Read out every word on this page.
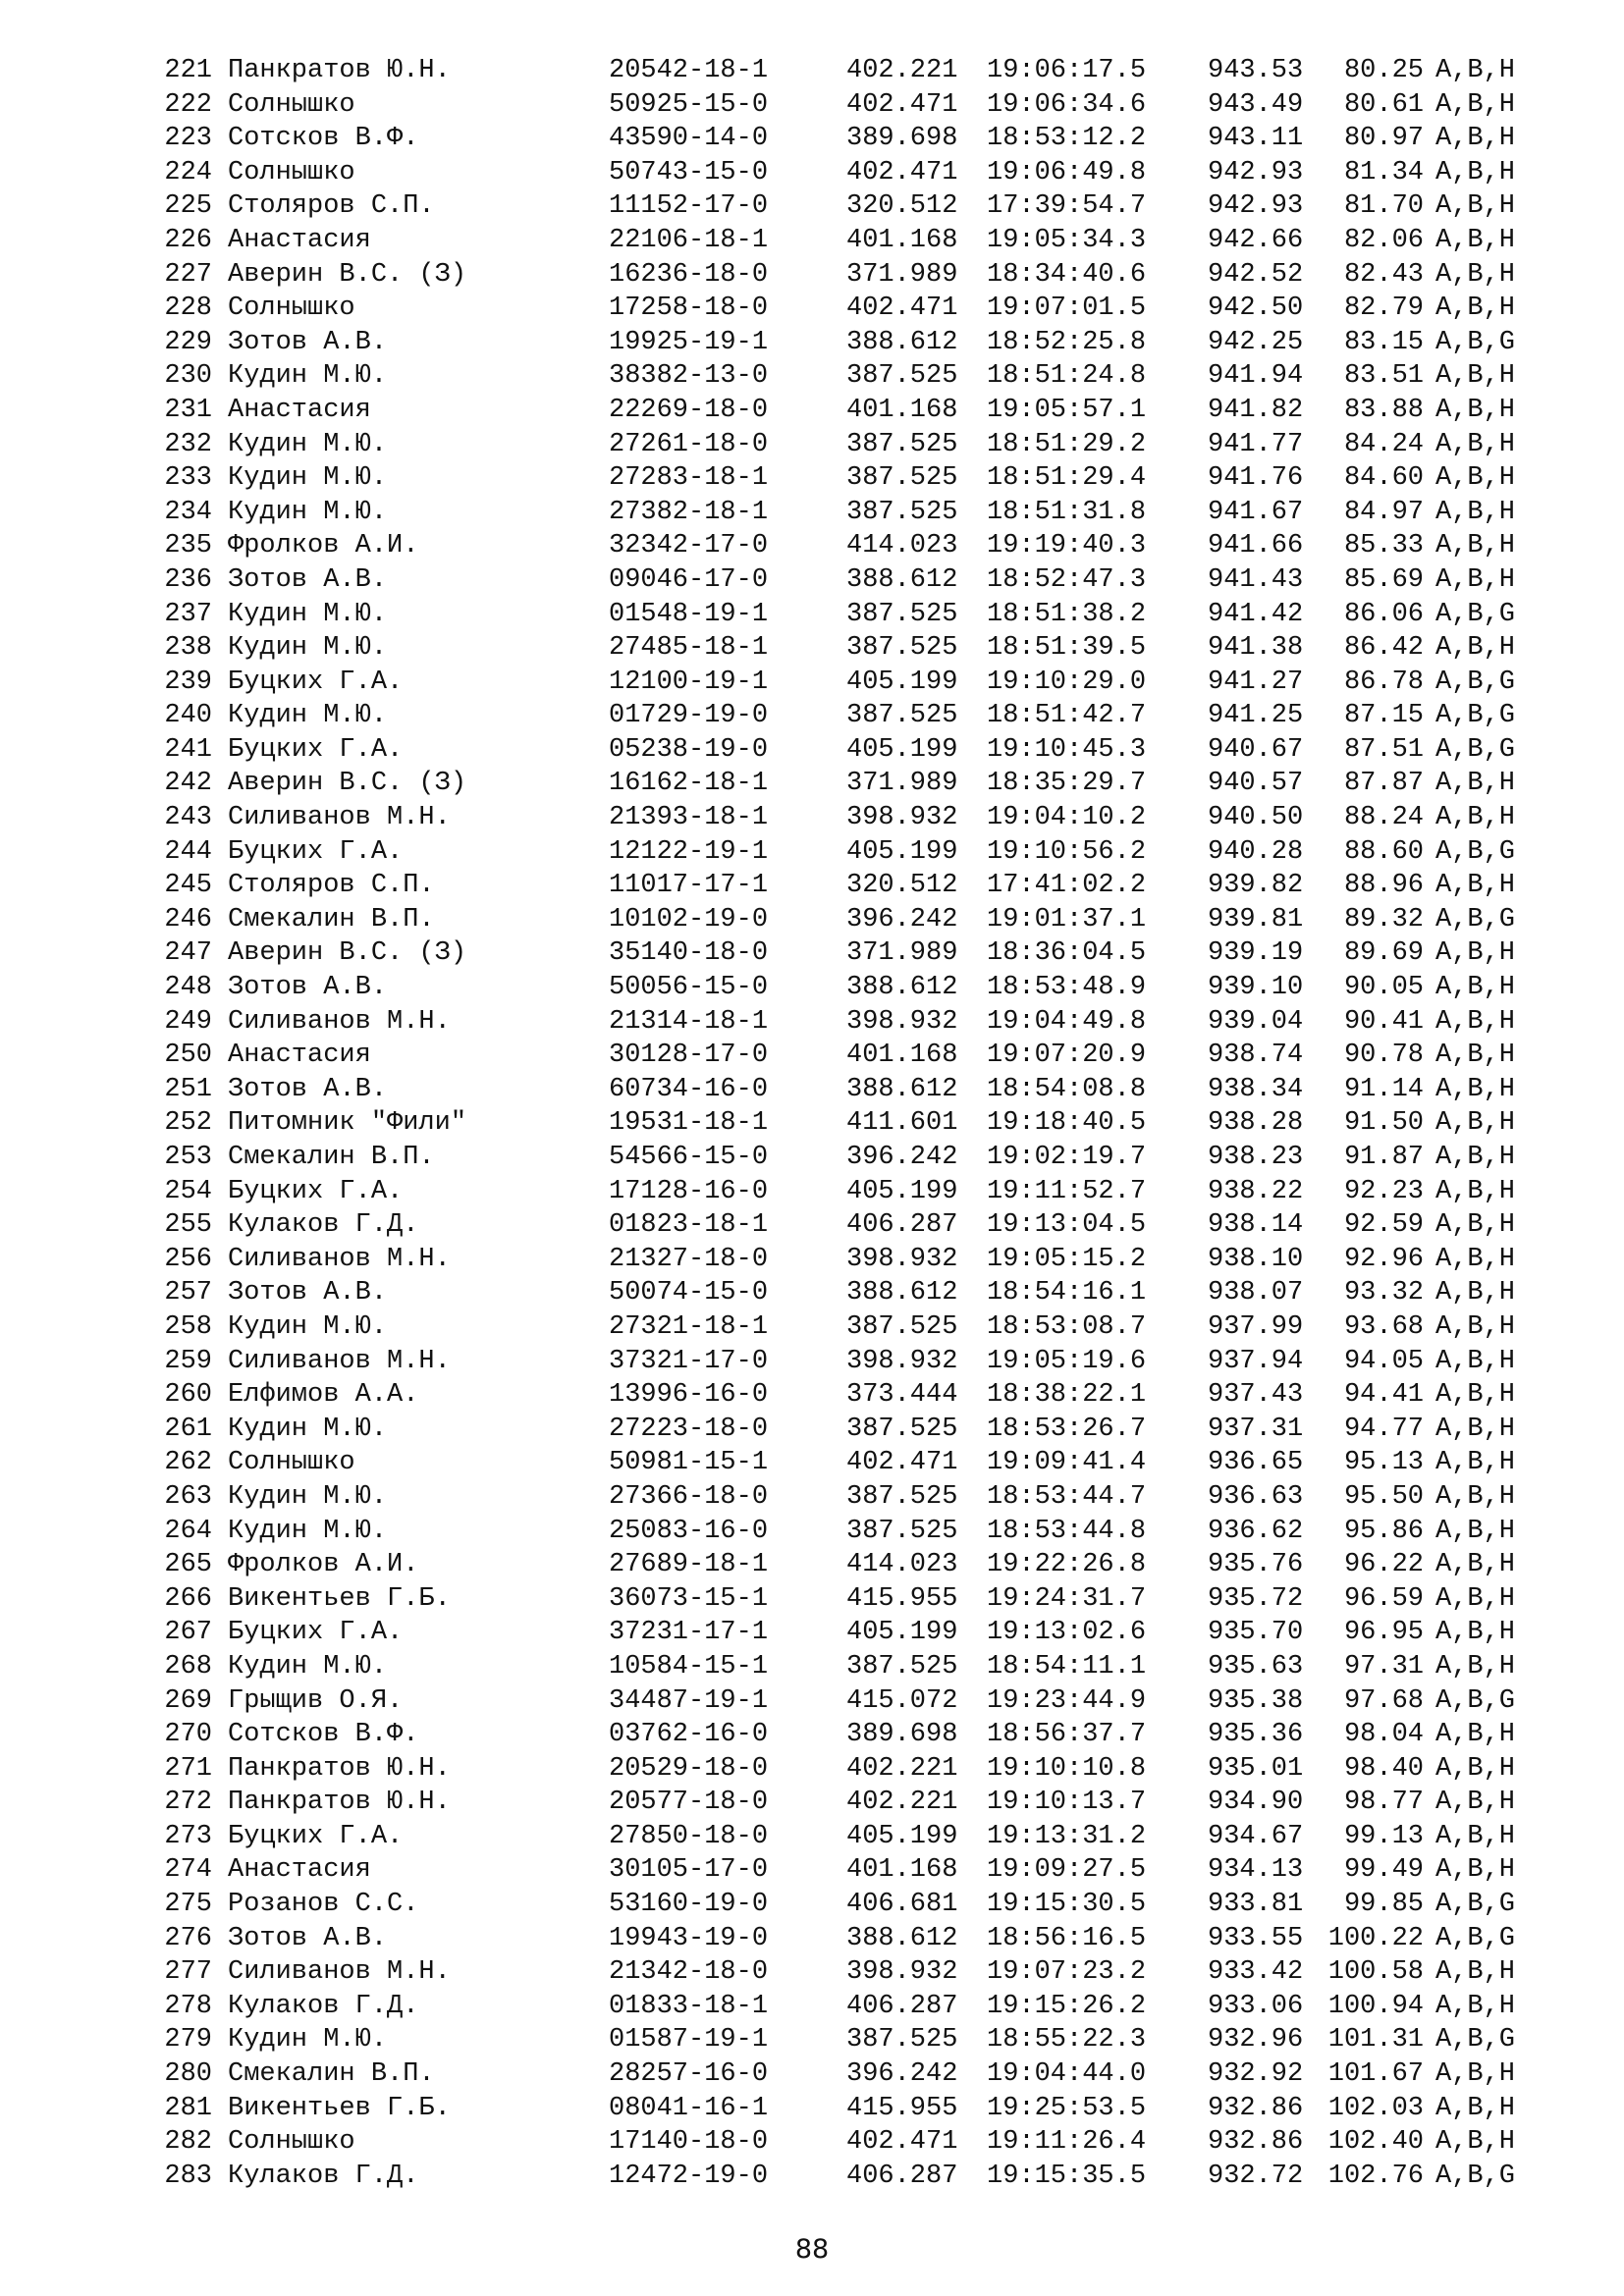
221 Панкратов Ю.Н.	20542-18-1	402.221 19:06:17.5 943.53	80.25 A,B,H
222 Солнышко	50925-15-0	402.471 19:06:34.6 943.49	80.61 A,B,H
223 Сотсков В.Ф.	43590-14-0	389.698 18:53:12.2 943.11	80.97 A,B,H
224 Солнышко	50743-15-0	402.471 19:06:49.8 942.93	81.34 A,B,H
225 Столяров С.П.	11152-17-0	320.512 17:39:54.7 942.93	81.70 A,B,H
226 Анастасия	22106-18-1	401.168 19:05:34.3 942.66	82.06 A,B,H
227 Аверин В.С. (З)	16236-18-0	371.989 18:34:40.6 942.52	82.43 A,B,H
228 Солнышко	17258-18-0	402.471 19:07:01.5 942.50	82.79 A,B,H
229 Зотов А.В.	19925-19-1	388.612 18:52:25.8 942.25	83.15 A,B,G
230 Кудин М.Ю.	38382-13-0	387.525 18:51:24.8 941.94	83.51 A,B,H
231 Анастасия	22269-18-0	401.168 19:05:57.1 941.82	83.88 A,B,H
232 Кудин М.Ю.	27261-18-0	387.525 18:51:29.2 941.77	84.24 A,B,H
233 Кудин М.Ю.	27283-18-1	387.525 18:51:29.4 941.76	84.60 A,B,H
234 Кудин М.Ю.	27382-18-1	387.525 18:51:31.8 941.67	84.97 A,B,H
235 Фролков А.И.	32342-17-0	414.023 19:19:40.3 941.66	85.33 A,B,H
236 Зотов А.В.	09046-17-0	388.612 18:52:47.3 941.43	85.69 A,B,H
237 Кудин М.Ю.	01548-19-1	387.525 18:51:38.2 941.42	86.06 A,B,G
238 Кудин М.Ю.	27485-18-1	387.525 18:51:39.5 941.38	86.42 A,B,H
239 Буцких Г.А.	12100-19-1	405.199 19:10:29.0 941.27	86.78 A,B,G
240 Кудин М.Ю.	01729-19-0	387.525 18:51:42.7 941.25	87.15 A,B,G
241 Буцких Г.А.	05238-19-0	405.199 19:10:45.3 940.67	87.51 A,B,G
242 Аверин В.С. (З)	16162-18-1	371.989 18:35:29.7 940.57	87.87 A,B,H
243 Силиванов М.Н.	21393-18-1	398.932 19:04:10.2 940.50	88.24 A,B,H
244 Буцких Г.А.	12122-19-1	405.199 19:10:56.2 940.28	88.60 A,B,G
245 Столяров С.П.	11017-17-1	320.512 17:41:02.2 939.82	88.96 A,B,H
246 Смекалин В.П.	10102-19-0	396.242 19:01:37.1 939.81	89.32 A,B,G
247 Аверин В.С. (З)	35140-18-0	371.989 18:36:04.5 939.19	89.69 A,B,H
248 Зотов А.В.	50056-15-0	388.612 18:53:48.9 939.10	90.05 A,B,H
249 Силиванов М.Н.	21314-18-1	398.932 19:04:49.8 939.04	90.41 A,B,H
250 Анастасия	30128-17-0	401.168 19:07:20.9 938.74	90.78 A,B,H
251 Зотов А.В.	60734-16-0	388.612 18:54:08.8 938.34	91.14 A,B,H
252 Питомник "Фили"	19531-18-1	411.601 19:18:40.5 938.28	91.50 A,B,H
253 Смекалин В.П.	54566-15-0	396.242 19:02:19.7 938.23	91.87 A,B,H
254 Буцких Г.А.	17128-16-0	405.199 19:11:52.7 938.22	92.23 A,B,H
255 Кулаков Г.Д.	01823-18-1	406.287 19:13:04.5 938.14	92.59 A,B,H
256 Силиванов М.Н.	21327-18-0	398.932 19:05:15.2 938.10	92.96 A,B,H
257 Зотов А.В.	50074-15-0	388.612 18:54:16.1 938.07	93.32 A,B,H
258 Кудин М.Ю.	27321-18-1	387.525 18:53:08.7 937.99	93.68 A,B,H
259 Силиванов М.Н.	37321-17-0	398.932 19:05:19.6 937.94	94.05 A,B,H
260 Елфимов А.А.	13996-16-0	373.444 18:38:22.1 937.43	94.41 A,B,H
261 Кудин М.Ю.	27223-18-0	387.525 18:53:26.7 937.31	94.77 A,B,H
262 Солнышко	50981-15-1	402.471 19:09:41.4 936.65	95.13 A,B,H
263 Кудин М.Ю.	27366-18-0	387.525 18:53:44.7 936.63	95.50 A,B,H
264 Кудин М.Ю.	25083-16-0	387.525 18:53:44.8 936.62	95.86 A,B,H
265 Фролков А.И.	27689-18-1	414.023 19:22:26.8 935.76	96.22 A,B,H
266 Викентьев Г.Б.	36073-15-1	415.955 19:24:31.7 935.72	96.59 A,B,H
267 Буцких Г.А.	37231-17-1	405.199 19:13:02.6 935.70	96.95 A,B,H
268 Кудин М.Ю.	10584-15-1	387.525 18:54:11.1 935.63	97.31 A,B,H
269 Грыщив О.Я.	34487-19-1	415.072 19:23:44.9 935.38	97.68 A,B,G
270 Сотсков В.Ф.	03762-16-0	389.698 18:56:37.7 935.36	98.04 A,B,H
271 Панкратов Ю.Н.	20529-18-0	402.221 19:10:10.8 935.01	98.40 A,B,H
272 Панкратов Ю.Н.	20577-18-0	402.221 19:10:13.7 934.90	98.77 A,B,H
273 Буцких Г.А.	27850-18-0	405.199 19:13:31.2 934.67	99.13 A,B,H
274 Анастасия	30105-17-0	401.168 19:09:27.5 934.13	99.49 A,B,H
275 Розанов С.С.	53160-19-0	406.681 19:15:30.5 933.81	99.85 A,B,G
276 Зотов А.В.	19943-19-0	388.612 18:56:16.5 933.55 100.22 A,B,G
277 Силиванов М.Н.	21342-18-0	398.932 19:07:23.2 933.42 100.58 A,B,H
278 Кулаков Г.Д.	01833-18-1	406.287 19:15:26.2 933.06 100.94 A,B,H
279 Кудин М.Ю.	01587-19-1	387.525 18:55:22.3 932.96 101.31 A,B,G
280 Смекалин В.П.	28257-16-0	396.242 19:04:44.0 932.92 101.67 A,B,H
281 Викентьев Г.Б.	08041-16-1	415.955 19:25:53.5 932.86 102.03 A,B,H
282 Солнышко	17140-18-0	402.471 19:11:26.4 932.86 102.40 A,B,H
283 Кулаков Г.Д.	12472-19-0	406.287 19:15:35.5 932.72 102.76 A,B,G
88
